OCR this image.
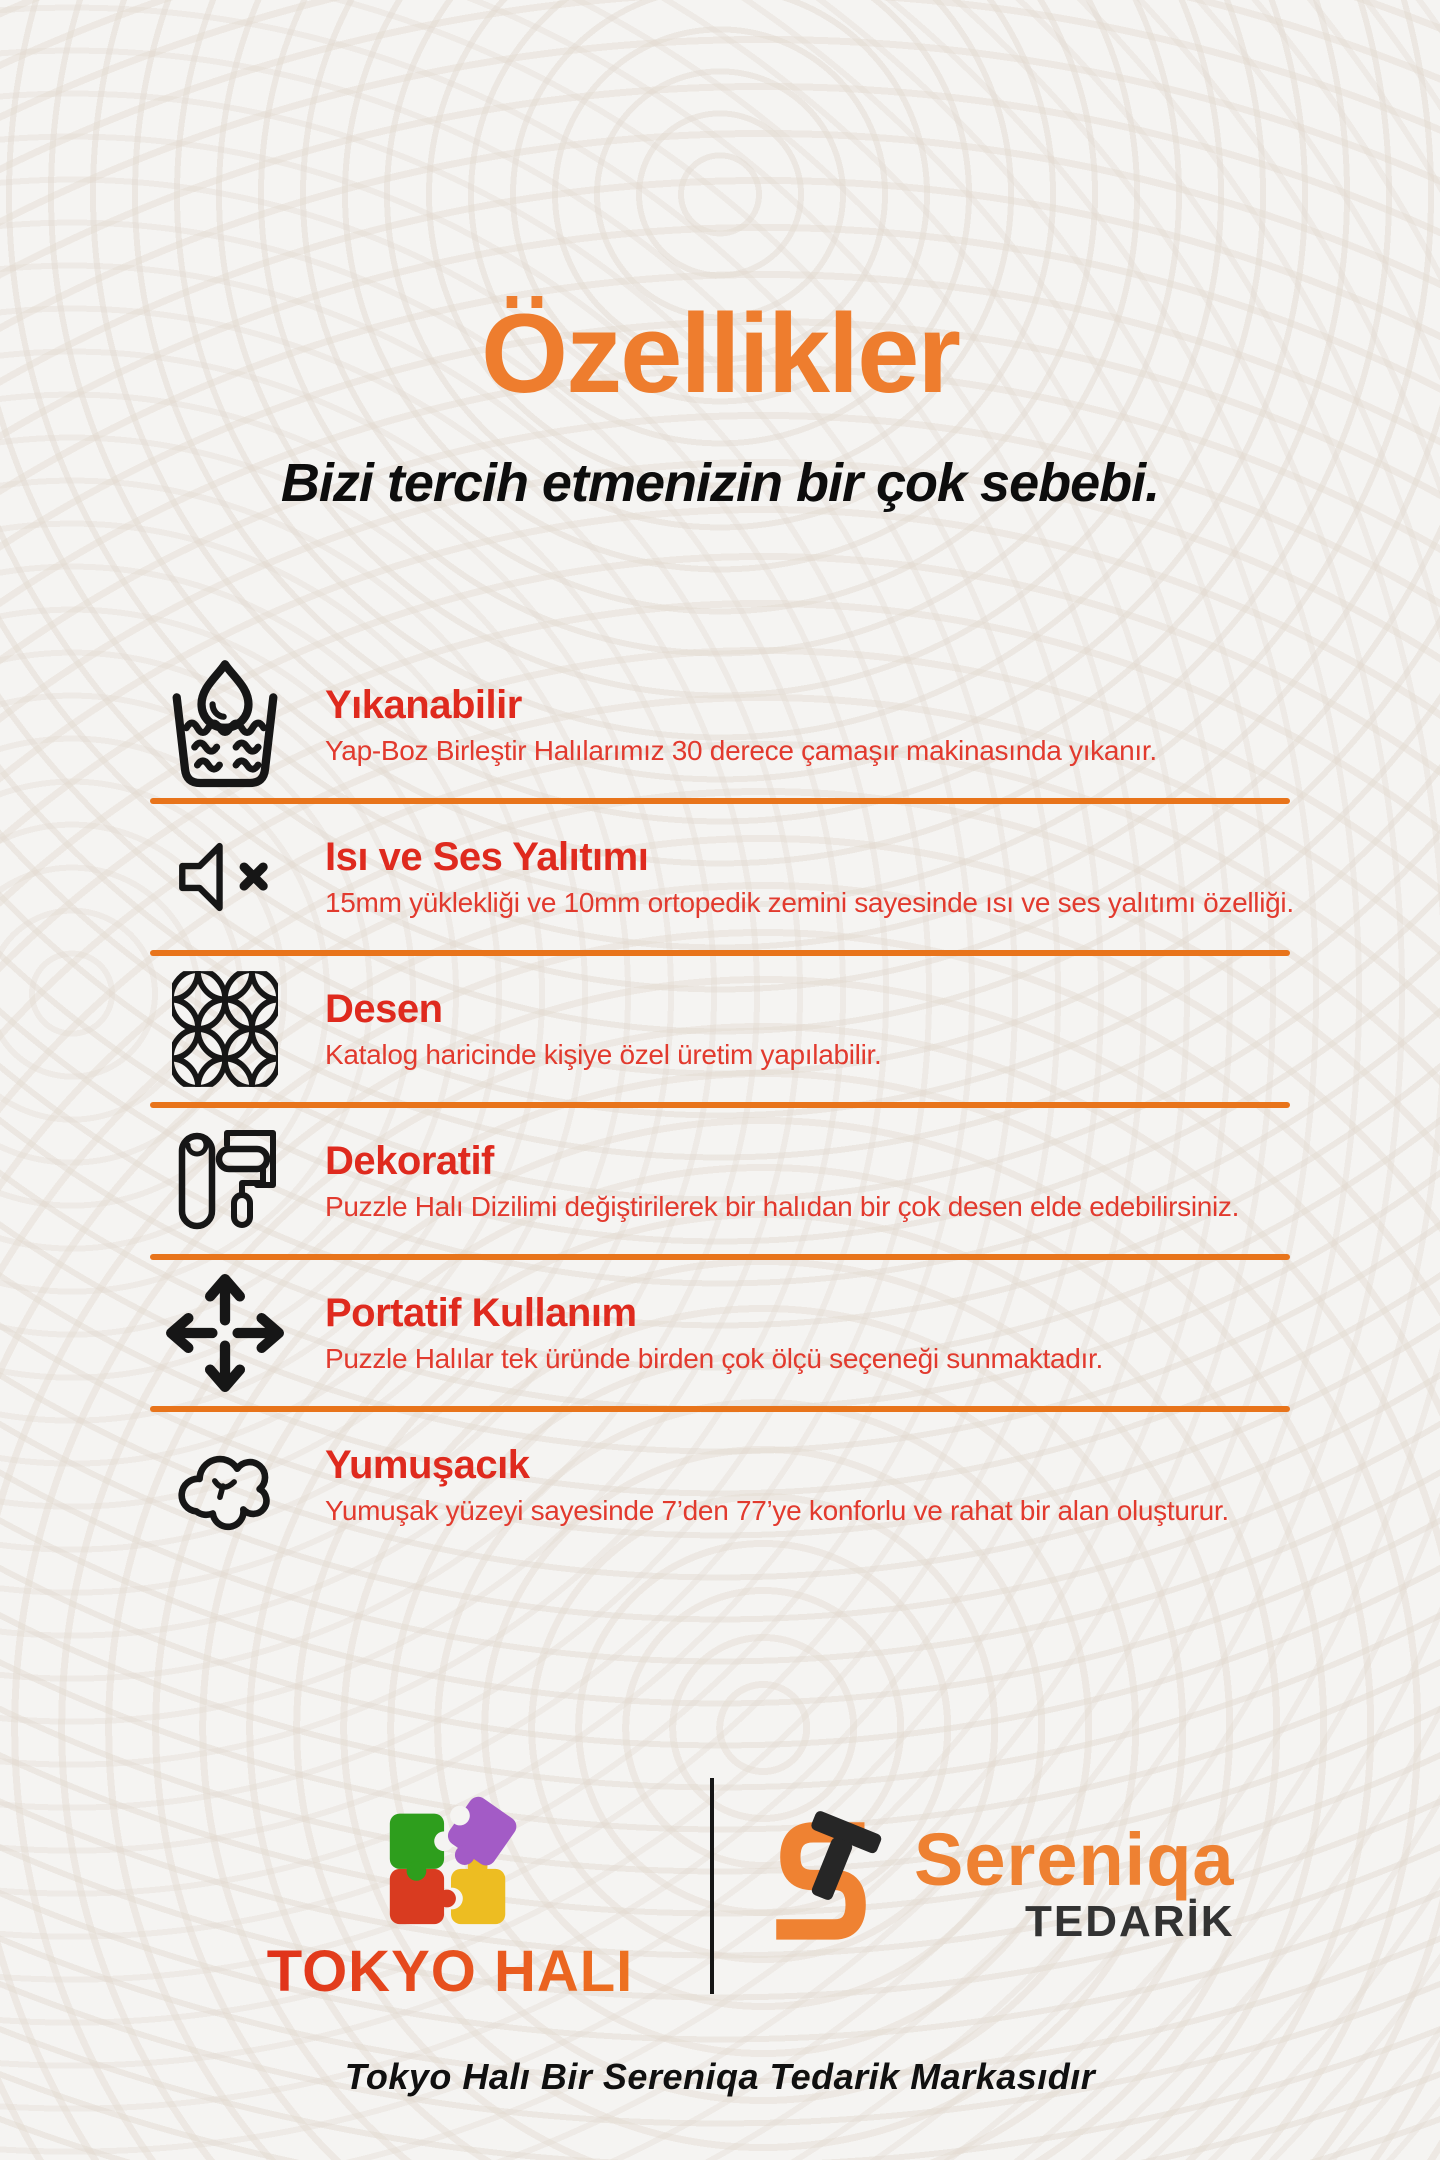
Özellikler

Bizi tercih etmenizin bir çok sebebi.

Yıkanabilir

Yap-Boz Birleştir Halılarımız 30 derece çamaşır makinasında yıkanır.

Isı ve Ses Yalıtımı

15mm yüklekliği ve 10mm ortopedik zemini sayesinde ısı ve ses yalıtımı özelliği.

Desen

Katalog haricinde kişiye özel üretim yapılabilir.

Dekoratif

Puzzle Halı Dizilimi değiştirilerek bir halıdan bir çok desen elde edebilirsiniz.

Portatif Kullanım

Puzzle Halılar tek üründe birden çok ölçü seçeneği sunmaktadır.

Yumuşacık

Yumuşak yüzeyi sayesinde 7’den 77’ye konforlu ve rahat bir alan oluşturur.

TOKYO HALI
Sereniqa
TEDARİK

Tokyo Halı Bir Sereniqa Tedarik Markasıdır
